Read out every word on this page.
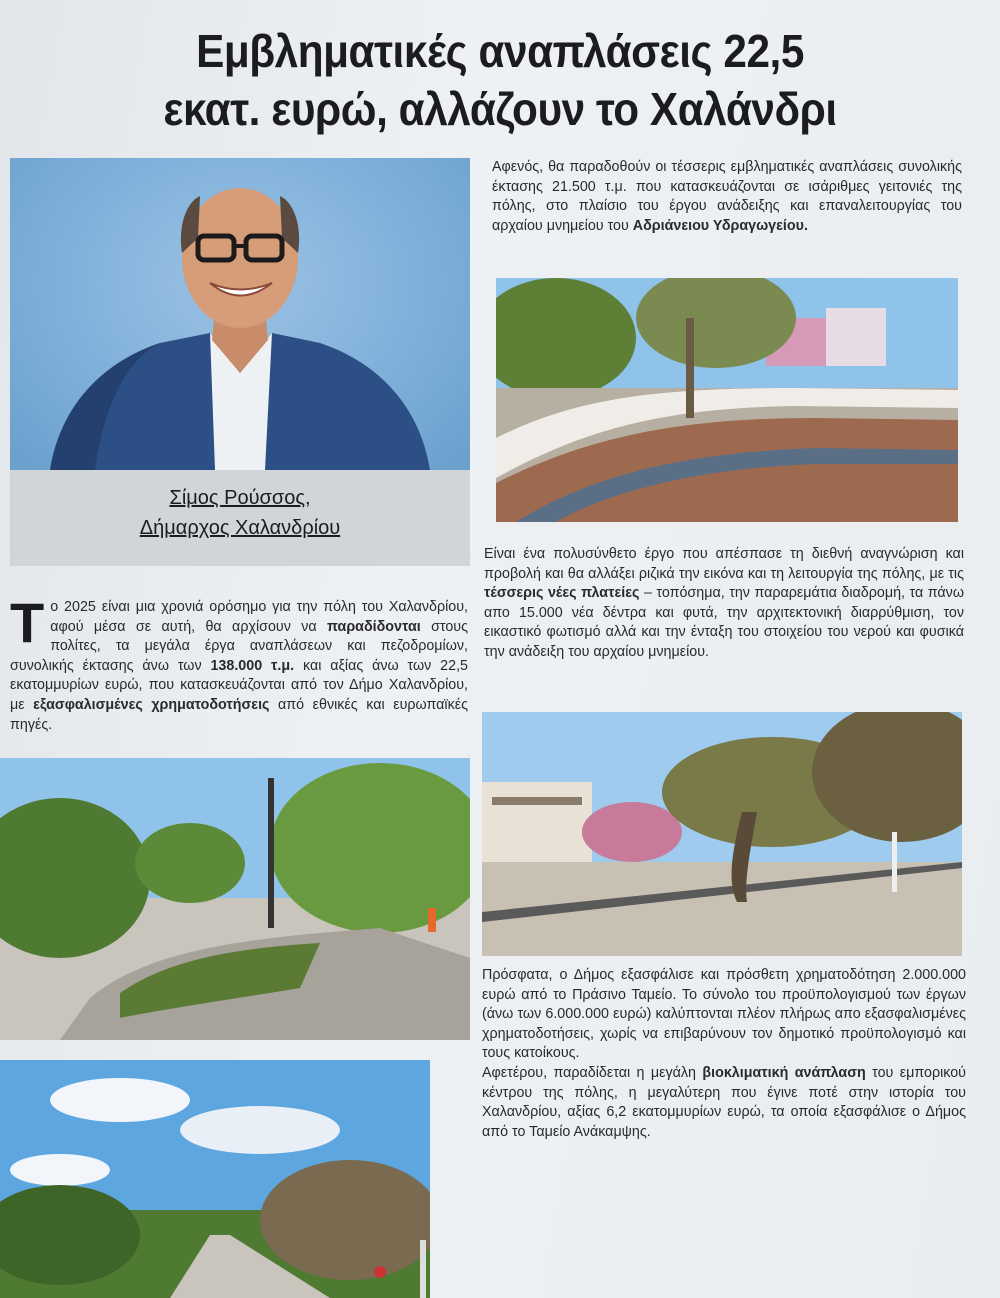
Εμβληματικές αναπλάσεις 22,5
εκατ. ευρώ, αλλάζουν το Χαλάνδρι
Σίμος Ρούσσος,
Δήμαρχος Χαλανδρίου
Τ ο 2025 είναι μια χρονιά ορόσημο για την πόλη του Χαλανδρίου, αφού μέσα σε αυτή, θα αρχίσουν να παραδίδονται στους πολίτες, τα μεγάλα έργα αναπλάσεων και πεζοδρομίων, συνολικής έκτασης άνω των 138.000 τ.μ. και αξίας άνω των 22,5 εκατομμυρίων ευρώ, που κατασκευάζονται από τον Δήμο Χαλανδρίου, με εξασφαλισμένες χρηματοδοτήσεις από εθνικές και ευρωπαϊκές πηγές.
Αφενός, θα παραδοθούν οι τέσσερις εμβληματικές αναπλάσεις συνολικής έκτασης 21.500 τ.μ. που κατασκευάζονται σε ισάριθμες γειτονιές της πόλης, στο πλαίσιο του έργου ανάδειξης και επαναλειτουργίας του αρχαίου μνημείου του Αδριάνειου Υδραγωγείου.
Είναι ένα πολυσύνθετο έργο που απέσπασε τη διεθνή αναγνώριση και προβολή και θα αλλάξει ριζικά την εικόνα και τη λειτουργία της πόλης, με τις τέσσερις νέες πλατείες – τοπόσημα, την παραρεμάτια διαδρομή, τα πάνω απο 15.000 νέα δέντρα και φυτά, την αρχιτεκτονική διαρρύθμιση, τον εικαστικό φωτισμό αλλά και την ένταξη του στοιχείου του νερού και φυσικά την ανάδειξη του αρχαίου μνημείου.
Πρόσφατα, ο Δήμος εξασφάλισε και πρόσθετη χρηματοδότηση 2.000.000 ευρώ από το Πράσινο Ταμείο. Το σύνολο του προϋπολογισμού των έργων (άνω των 6.000.000 ευρώ) καλύπτονται πλέον πλήρως απο εξασφαλισμένες χρηματοδοτήσεις, χωρίς να επιβαρύνουν τον δημοτικό προϋπολογισμό και τους κατοίκους.
Αφετέρου, παραδίδεται η μεγάλη βιοκλιματική ανάπλαση του εμπορικού κέντρου της πόλης, η μεγαλύτερη που έγινε ποτέ στην ιστορία του Χαλανδρίου, αξίας 6,2 εκατομμυρίων ευρώ, τα οποία εξασφάλισε ο Δήμος από το Ταμείο Ανάκαμψης.
